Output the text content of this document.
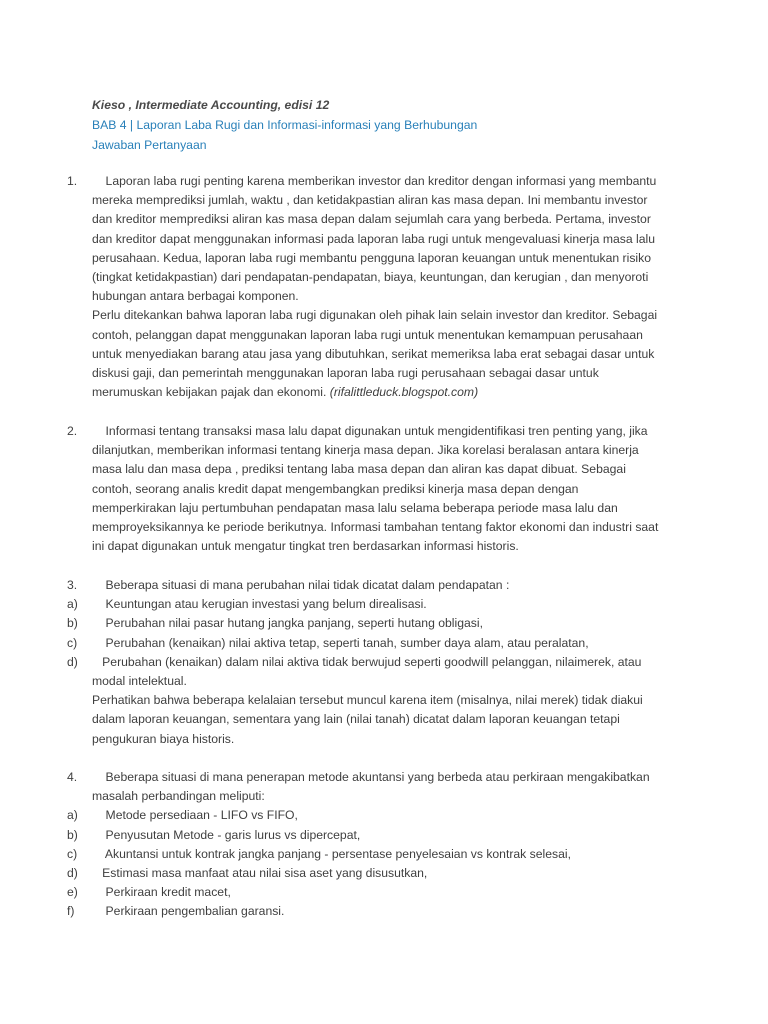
Kieso , Intermediate Accounting, edisi 12
BAB 4 | Laporan Laba Rugi dan Informasi-informasi yang Berhubungan
Jawaban Pertanyaan
1.	Laporan laba rugi penting karena memberikan investor dan kreditor dengan informasi yang membantu
mereka memprediksi jumlah, waktu , dan ketidakpastian aliran kas masa depan. Ini membantu investor
dan kreditor memprediksi aliran kas masa depan dalam sejumlah cara yang berbeda. Pertama, investor
dan kreditor dapat menggunakan informasi pada laporan laba rugi untuk mengevaluasi kinerja masa lalu
perusahaan. Kedua, laporan laba rugi membantu pengguna laporan keuangan untuk menentukan risiko
(tingkat ketidakpastian) dari pendapatan-pendapatan, biaya, keuntungan, dan kerugian , dan menyoroti
hubungan antara berbagai komponen.
Perlu ditekankan bahwa laporan laba rugi digunakan oleh pihak lain selain investor dan kreditor. Sebagai
contoh, pelanggan dapat menggunakan laporan laba rugi untuk menentukan kemampuan perusahaan
untuk menyediakan barang atau jasa yang dibutuhkan, serikat memeriksa laba erat sebagai dasar untuk
diskusi gaji, dan pemerintah menggunakan laporan laba rugi perusahaan sebagai dasar untuk
merumuskan kebijakan pajak dan ekonomi. (rifalittleduck.blogspot.com)
2.	Informasi tentang transaksi masa lalu dapat digunakan untuk mengidentifikasi tren penting yang, jika
dilanjutkan, memberikan informasi tentang kinerja masa depan. Jika korelasi beralasan antara kinerja
masa lalu dan masa depa , prediksi tentang laba masa depan dan aliran kas dapat dibuat. Sebagai
contoh, seorang analis kredit dapat mengembangkan prediksi kinerja masa depan dengan
memperkirakan laju pertumbuhan pendapatan masa lalu selama beberapa periode masa lalu dan
memproyeksikannya ke periode berikutnya. Informasi tambahan tentang faktor ekonomi dan industri saat
ini dapat digunakan untuk mengatur tingkat tren berdasarkan informasi historis.
3.	Beberapa situasi di mana perubahan nilai tidak dicatat dalam pendapatan :
a)	Keuntungan atau kerugian investasi yang belum direalisasi.
b)	Perubahan nilai pasar hutang jangka panjang, seperti hutang obligasi,
c)	Perubahan (kenaikan) nilai aktiva tetap, seperti tanah, sumber daya alam, atau peralatan,
d)	Perubahan (kenaikan) dalam nilai aktiva tidak berwujud seperti goodwill pelanggan, nilaimerek, atau
modal intelektual.
Perhatikan bahwa beberapa kelalaian tersebut muncul karena item (misalnya, nilai merek) tidak diakui
dalam laporan keuangan, sementara yang lain (nilai tanah) dicatat dalam laporan keuangan tetapi
pengukuran biaya historis.
4.	Beberapa situasi di mana penerapan metode akuntansi yang berbeda atau perkiraan mengakibatkan
masalah perbandingan meliputi:
a)	Metode persediaan - LIFO vs FIFO,
b)	Penyusutan Metode - garis lurus vs dipercepat,
c)	Akuntansi untuk kontrak jangka panjang - persentase penyelesaian vs kontrak selesai,
d)	Estimasi masa manfaat atau nilai sisa aset yang disusutkan,
e)	Perkiraan kredit macet,
f)	Perkiraan pengembalian garansi.
